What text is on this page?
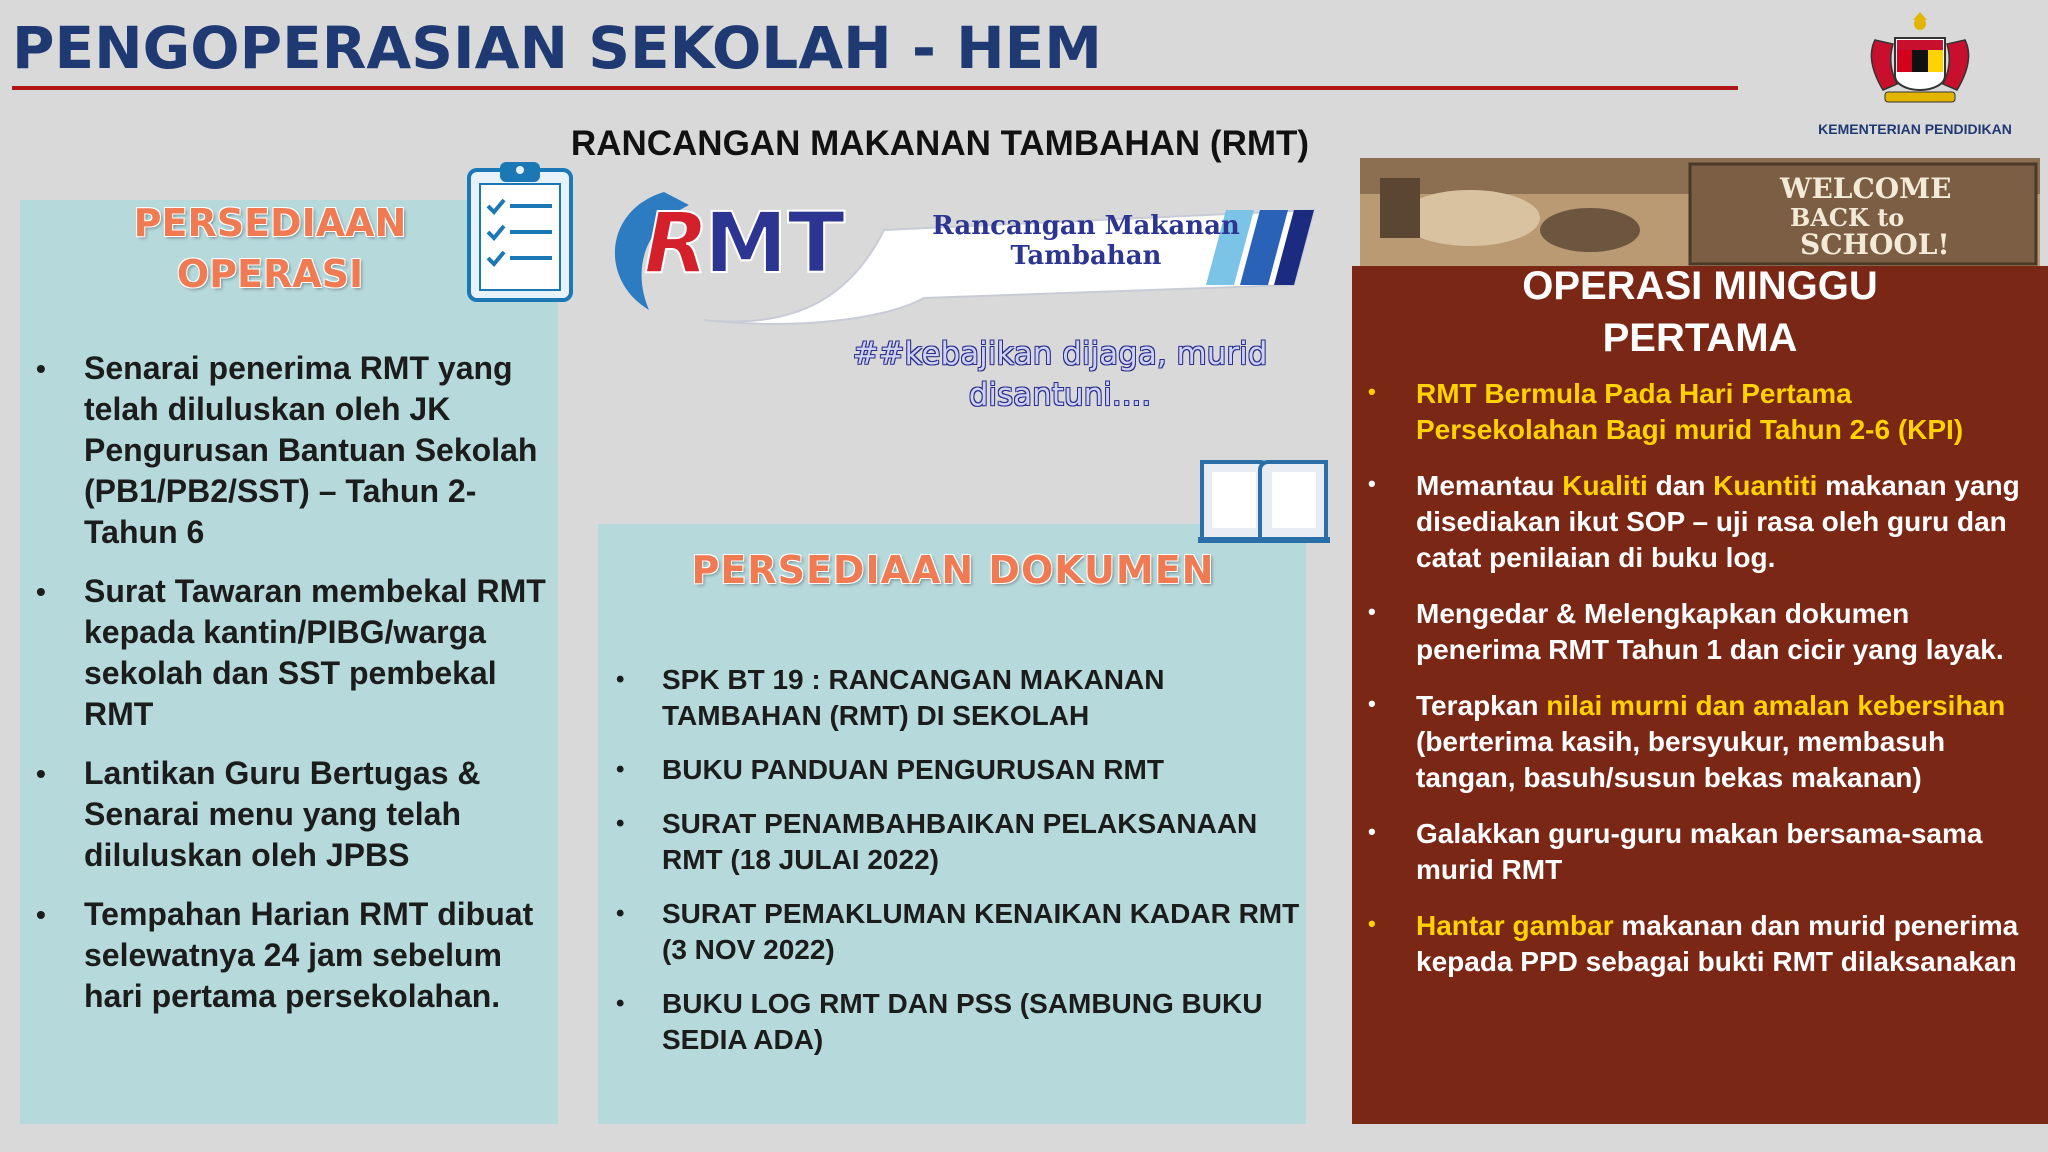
PENGOPERASIAN SEKOLAH - HEM
KEMENTERIAN PENDIDIKAN
RANCANGAN MAKANAN TAMBAHAN (RMT)
PERSEDIAAN
OPERASI
• Senarai penerima RMT yang telah diluluskan oleh JK Pengurusan Bantuan Sekolah (PB1/PB2/SST) – Tahun 2-Tahun 6
• Surat Tawaran membekal RMT kepada kantin/PIBG/warga sekolah dan SST pembekal RMT
• Lantikan Guru Bertugas & Senarai menu yang telah diluluskan oleh JPBS
• Tempahan Harian RMT dibuat selewatnya 24 jam sebelum hari pertama persekolahan.
R
MT	Rancangan Makanan
Tambahan

##kebajikan dijaga, murid disantuni....

PERSEDIAAN DOKUMEN
• SPK BT 19 : RANCANGAN MAKANAN TAMBAHAN (RMT) DI SEKOLAH
• BUKU PANDUAN PENGURUSAN RMT
• SURAT PENAMBAHBAIKAN PELAKSANAAN RMT (18 JULAI 2022)
• SURAT PEMAKLUMAN KENAIKAN KADAR RMT (3 NOV 2022)
• BUKU LOG RMT DAN PSS (SAMBUNG BUKU SEDIA ADA)
WELCOME
BACK to
SCHOOL!
OPERASI MINGGU
PERTAMA
• RMT Bermula Pada Hari Pertama Persekolahan Bagi murid Tahun 2-6 (KPI)
• Memantau Kualiti dan Kuantiti makanan yang disediakan ikut SOP – uji rasa oleh guru dan catat penilaian di buku log.
• Mengedar & Melengkapkan dokumen penerima RMT Tahun 1 dan cicir yang layak.
• Terapkan nilai murni dan amalan kebersihan (berterima kasih, bersyukur, membasuh tangan, basuh/susun bekas makanan)
• Galakkan guru-guru makan bersama-sama murid RMT
• Hantar gambar makanan dan murid penerima kepada PPD sebagai bukti RMT dilaksanakan
